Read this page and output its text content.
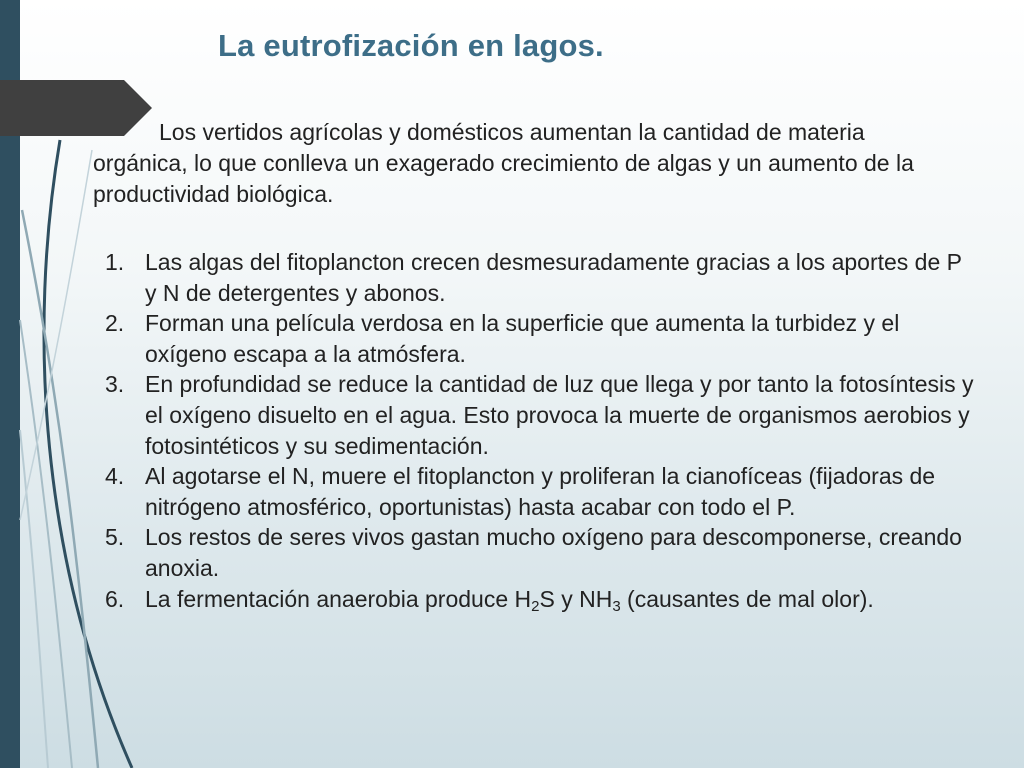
La eutrofización en lagos.

Los vertidos agrícolas y domésticos aumentan la cantidad de materia orgánica, lo que conlleva un exagerado crecimiento de algas y un aumento de la productividad biológica.

1. Las algas del fitoplancton crecen desmesuradamente gracias a los aportes de P y N de detergentes y abonos.
2. Forman una película verdosa en la superficie que aumenta la turbidez y el oxígeno escapa a la atmósfera.
3. En profundidad se reduce la cantidad de luz que llega y por tanto la fotosíntesis y el oxígeno disuelto en el agua. Esto provoca la muerte de organismos aerobios y fotosintéticos y su sedimentación.
4. Al agotarse el N, muere el fitoplancton y proliferan la cianofíceas (fijadoras de nitrógeno atmosférico, oportunistas) hasta acabar con todo el P.
5. Los restos de seres vivos gastan mucho oxígeno para descomponerse, creando anoxia.
6. La fermentación anaerobia produce $H_2S$ y $NH_3$ (causantes de mal olor).
